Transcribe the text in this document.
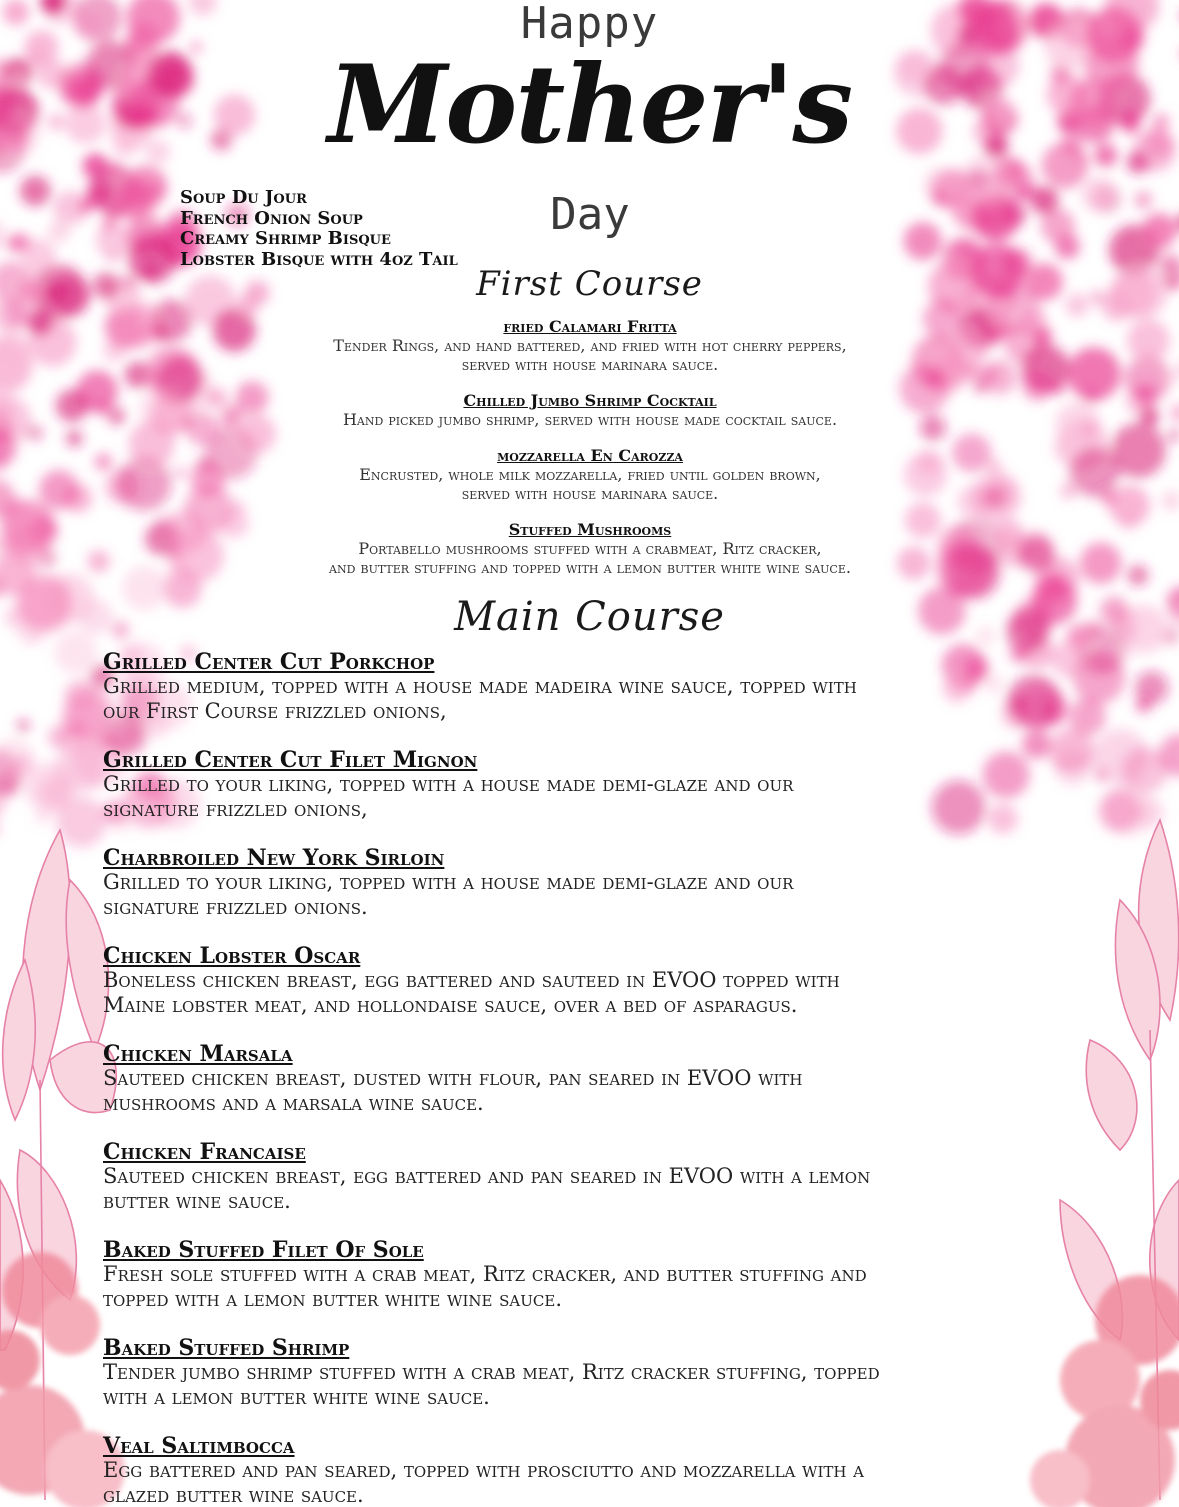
Happy
Mother's
Day
Soup Du Jour
French Onion Soup
Creamy Shrimp Bisque
Lobster Bisque with 4oz Tail
First Course
fried Calamari Fritta
Tender Rings, and hand battered, and fried with hot cherry peppers,
served with house marinara sauce.
Chilled Jumbo Shrimp Cocktail
Hand picked jumbo shrimp, served with house made cocktail sauce.
mozzarella En Carozza
Encrusted, whole milk mozzarella, fried until golden brown,
served with house marinara sauce.
Stuffed Mushrooms
Portabello mushrooms stuffed with a crabmeat, Ritz cracker,
and butter stuffing and topped with a lemon butter white wine sauce.
Main Course
Grilled Center Cut Porkchop
Grilled medium, topped with a house made madeira wine sauce, topped with
our First Course frizzled onions,
Grilled Center Cut Filet Mignon
Grilled to your liking, topped with a house made demi-glaze and our
signature frizzled onions,
Charbroiled New York Sirloin
Grilled to your liking, topped with a house made demi-glaze and our
signature frizzled onions.
Chicken Lobster Oscar
Boneless chicken breast, egg battered and sauteed in EVOO topped with
Maine lobster meat, and hollondaise sauce, over a bed of asparagus.
Chicken Marsala
Sauteed chicken breast, dusted with flour, pan seared in EVOO with
mushrooms and a marsala wine sauce.
Chicken Francaise
Sauteed chicken breast, egg battered and pan seared in EVOO with a lemon
butter wine sauce.
Baked Stuffed Filet Of Sole
Fresh sole stuffed with a crab meat, Ritz cracker, and butter stuffing and
topped with a lemon butter white wine sauce.
Baked Stuffed Shrimp
Tender jumbo shrimp stuffed with a crab meat, Ritz cracker stuffing, topped
with a lemon butter white wine sauce.
Veal Saltimbocca
Egg battered and pan seared, topped with prosciutto and mozzarella with a
glazed butter wine sauce.
